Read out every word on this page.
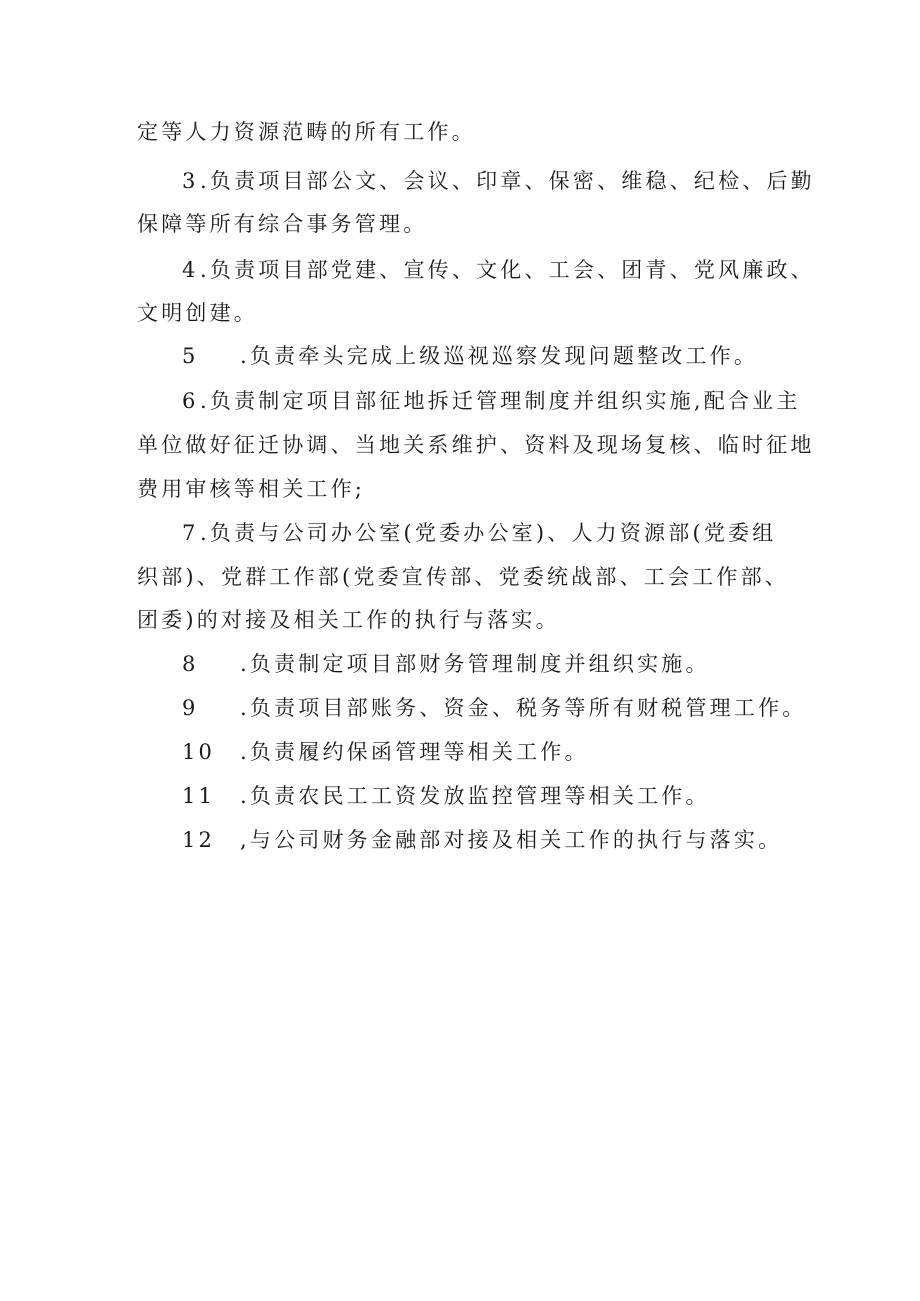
定等人力资源范畴的所有工作。
3 .负责项目部公文、会议、印章、保密、维稳、纪检、后勤
保障等所有综合事务管理。
4 .负责项目部党建、宣传、文化、工会、团青、党风廉政、
文明创建。
5 .负责牵头完成上级巡视巡察发现问题整改工作。
6 .负责制定项目部征地拆迁管理制度并组织实施,配合业主
单位做好征迁协调、当地关系维护、资料及现场复核、临时征地
费用审核等相关工作;
7 .负责与公司办公室(党委办公室)、人力资源部(党委组
织部)、党群工作部(党委宣传部、党委统战部、工会工作部、
团委)的对接及相关工作的执行与落实。
8 .负责制定项目部财务管理制度并组织实施。
9 .负责项目部账务、资金、税务等所有财税管理工作。
10 .负责履约保函管理等相关工作。
11 .负责农民工工资发放监控管理等相关工作。
12 ,与公司财务金融部对接及相关工作的执行与落实。
